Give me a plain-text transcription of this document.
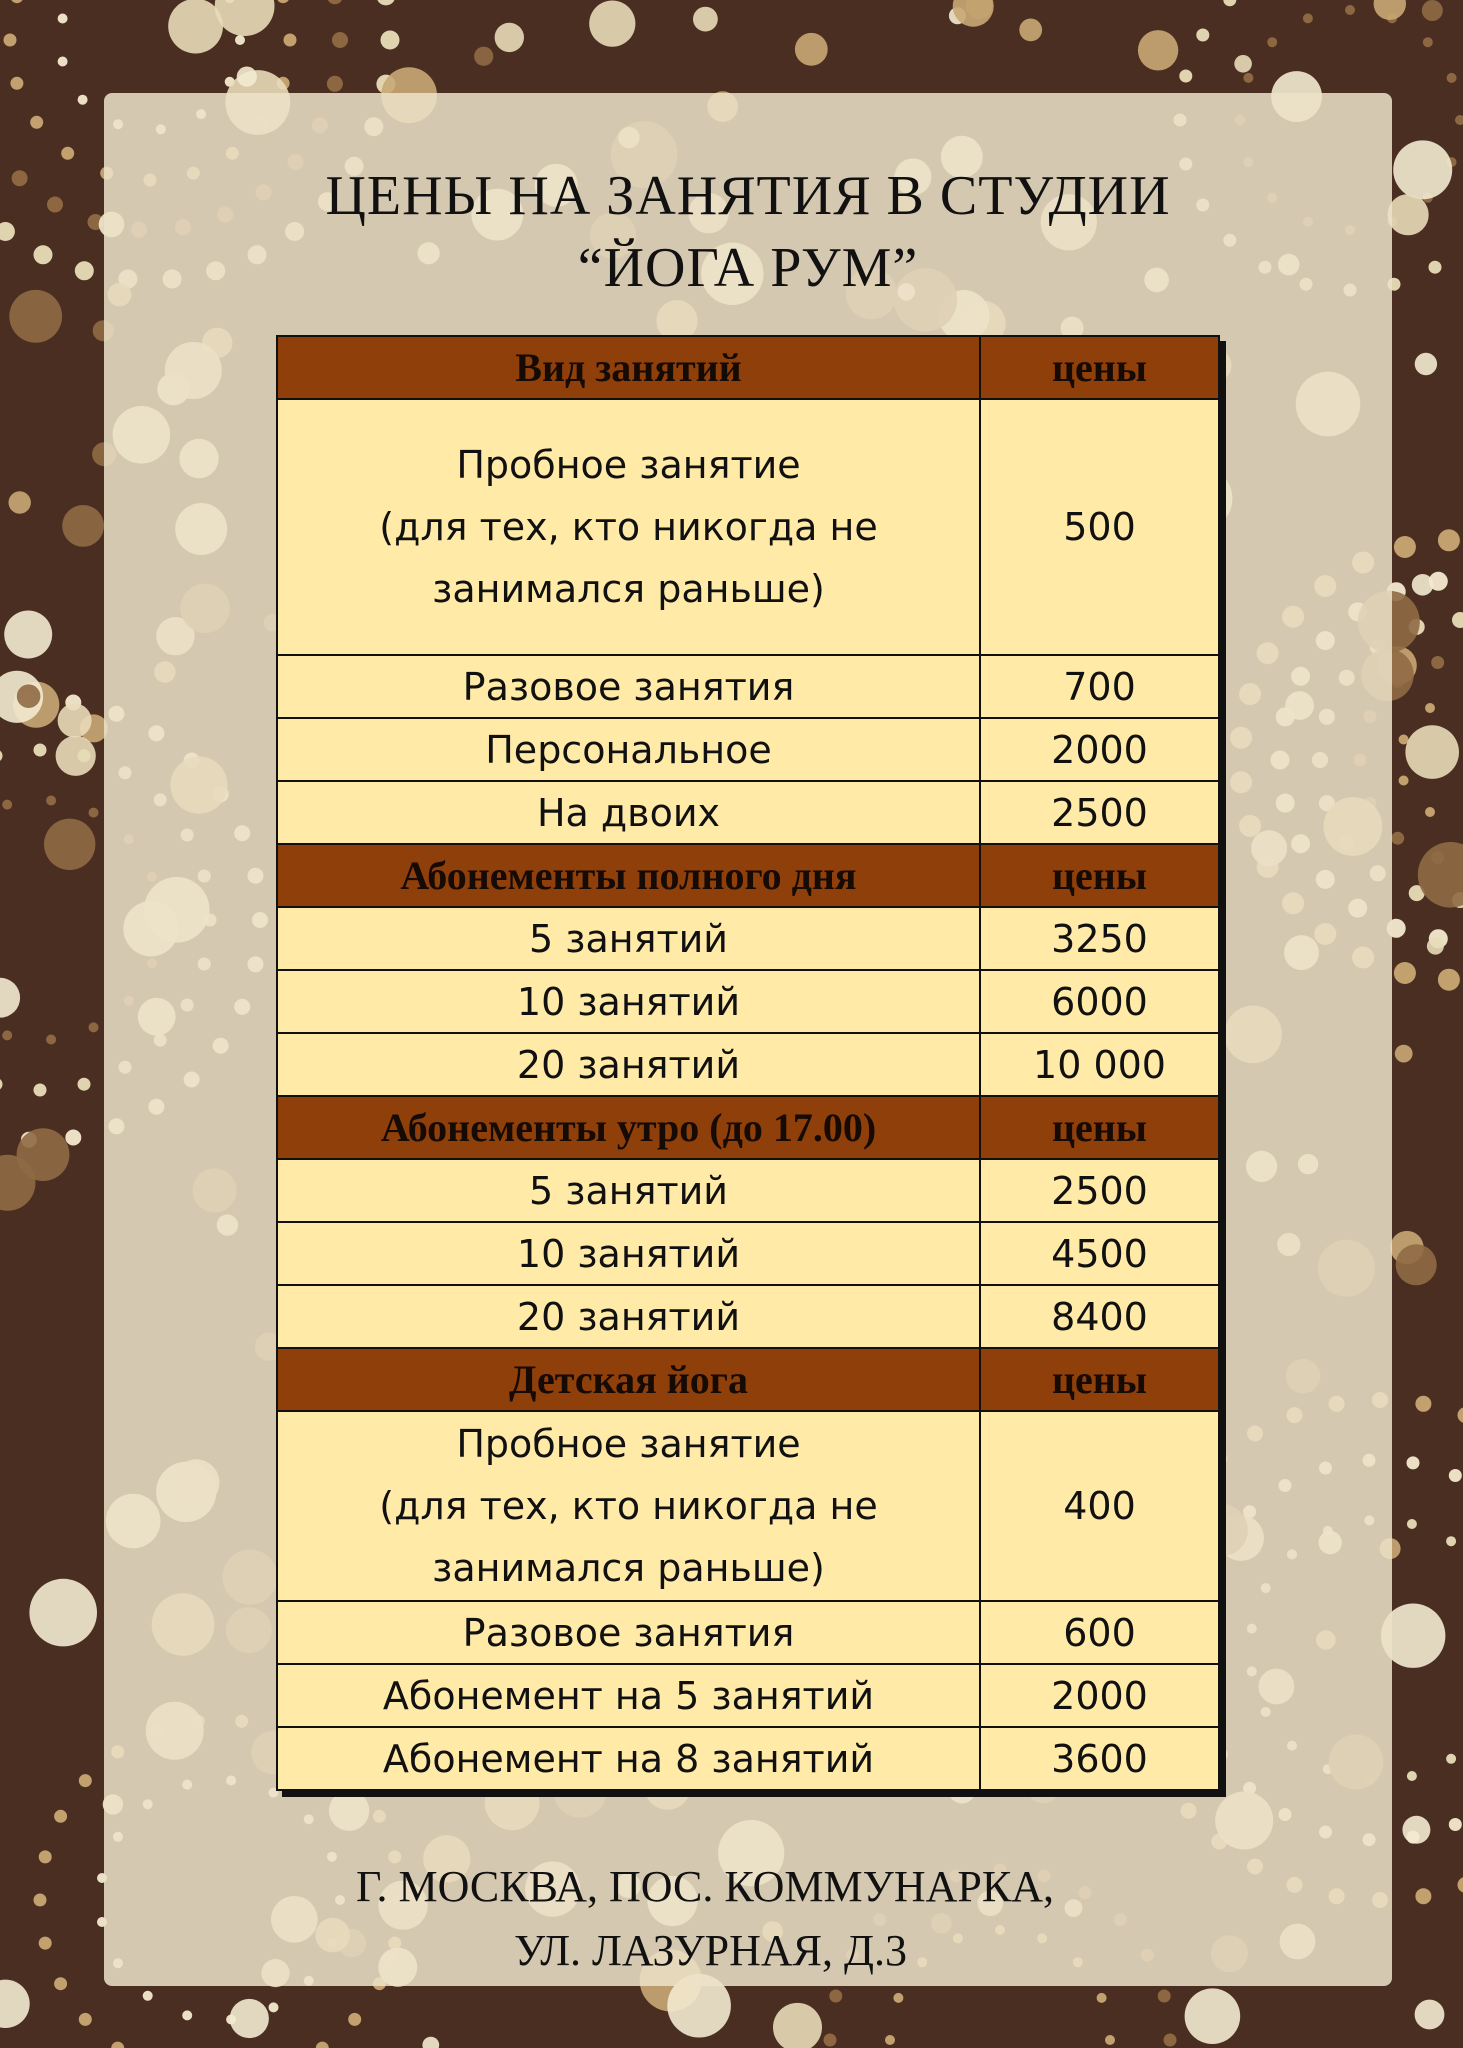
ЦЕНЫ НА ЗАНЯТИЯ В СТУДИИ
“ЙОГА РУМ”
Вид занятий	цены

Пробное занятие
(для тех, кто никогда не
занимался раньше)	500
Разовое занятия	700
Персональное	2000
На двоих	2500
Абонементы полного дня	цены
5 занятий	3250
10 занятий	6000
20 занятий	10 000
Абонементы утро (до 17.00)	цены
5 занятий	2500
10 занятий	4500
20 занятий	8400
Детская йога	цены

Пробное занятие
(для тех, кто никогда не
занимался раньше)	400
Разовое занятия	600
Абонемент на 5 занятий	2000
Абонемент на 8 занятий	3600
Г. МОСКВА, ПОС. КОММУНАРКА,
УЛ. ЛАЗУРНАЯ, Д.3
